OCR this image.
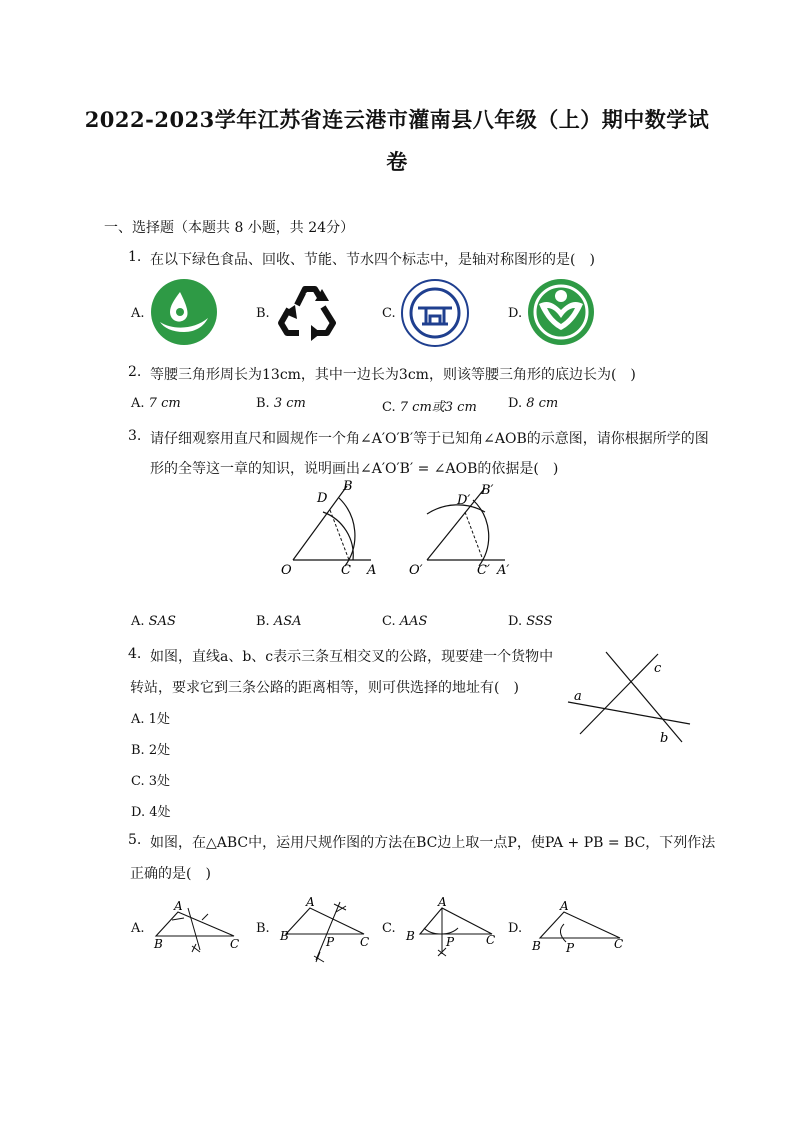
2022-2023学年江苏省连云港市灌南县八年级（上）期中数学试
卷
一、选择题（本题共 8 小题，共 24分）
1. 在以下绿色食品、回收、节能、节水四个标志中，是轴对称图形的是(　)
A.	B.	C.	D.
2. 等腰三角形周长为13cm，其中一边长为3cm，则该等腰三角形的底边长为(　)
A. 7 cm	B. 3 cm	C. 7 cm或3 cm D. 8 cm
3. 请仔细观察用直尺和圆规作一个角∠A′O′B′等于已知角∠AOB的示意图，请你根据所学的图
形的全等这一章的知识，说明画出∠A′O′B′ = ∠AOB的依据是(　)
O	C A
D
B
O′	C′ A′
D′
B′
A. SAS	B. ASA	C. AAS	D. SSS
4. 如图，直线a、b、c表示三条互相交叉的公路，现要建一个货物中
转站，要求它到三条公路的距离相等，则可供选择的地址有(　)
a
c
b
A. 1处
B. 2处
C. 3处
D. 4处
5. 如图，在△ABC中，运用尺规作图的方法在BC边上取一点P，使PA + PB = BC，下列作法
正确的是(　)
A.
A
B	C
B.
A
B	C
P
C.
A
B	C
P
D.
A
B	C
P
